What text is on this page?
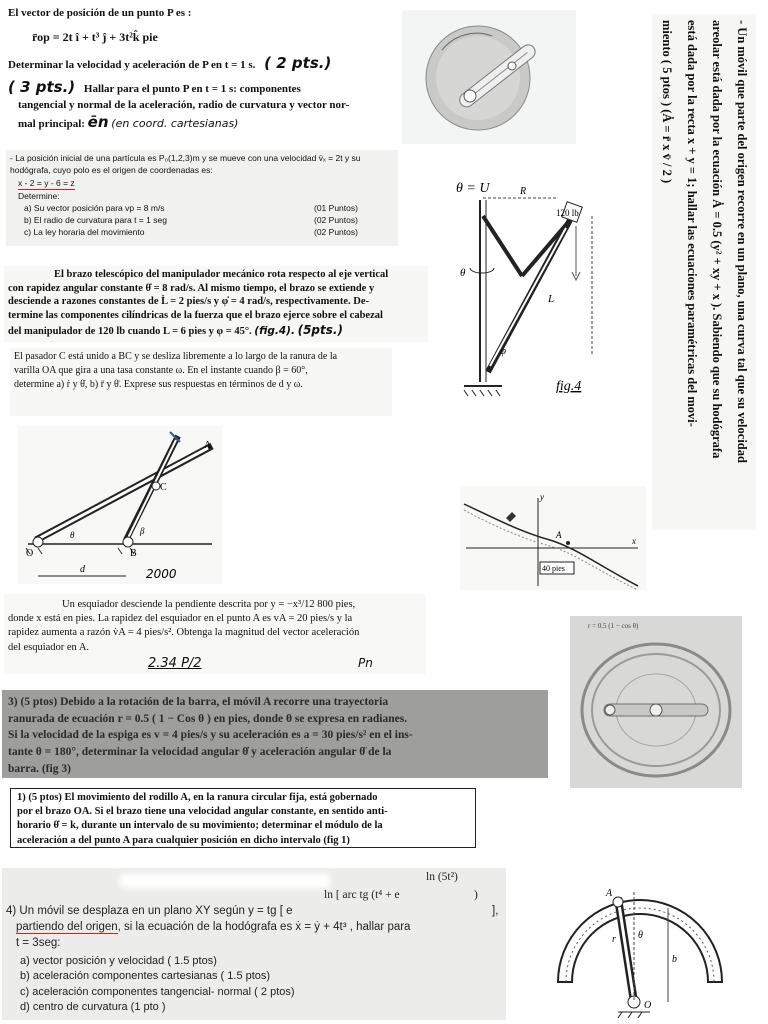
El vector de posición de un punto P es :
r̄op = 2t î + t³ ĵ + 3t²k̂ pie
Determinar la velocidad y aceleración de P en t = 1 s. ( 2 pts.)
( 3 pts.) Hallar para el punto P en t = 1 s: componentes
tangencial y normal de la aceleración, radio de curvatura y vector nor-
mal principal: ēn (en coord. cartesianas)	- Un móvil que parte del origen recorre en un plano, una curva tal que su velocidad
areolar está dada por la ecuación Ȧ = 0.5 (y² + xy + x ). Sabiendo que su hodógrafa
está dada por la recta x + y = 1; hallar las ecuaciones paramétricas del movi-
miento ( 5 ptos ) (Ȧ = r̄ x v̄ / 2 )
- La posición inicial de una partícula es P₀(1,2,3)m y se mueve con una velocidad v̄ₓ = 2t y su
hodógrafa, cuyo polo es el origen de coordenadas es:
x - 2 = y - 6 = z
Determine:
a) Su vector posición para vp = 8 m/s	(01 Puntos)
b) El radio de curvatura para t = 1 seg	(02 Puntos)
c) La ley horaria del movimiento	(02 Puntos)
θ = U	R
120 lb
φ
θ
L
fig.4
El brazo telescópico del manipulador mecánico rota respecto al eje vertical
con rapidez angular constante θ̇ = 8 rad/s. Al mismo tiempo, el brazo se extiende y
desciende a razones constantes de L̇ = 2 pies/s y φ̇ = 4 rad/s, respectivamente. De-
termine las componentes cilíndricas de la fuerza que el brazo ejerce sobre el cabezal
del manipulador de 120 lb cuando L = 6 pies y φ = 45°. (fig.4). (5pts.)
El pasador C está unido a BC y se desliza libremente a lo largo de la ranura de la
varilla OA que gira a una tasa constante ω. En el instante cuando β = 60°,
determine a) ṙ y θ̇, b) r̈ y θ̈. Exprese sus respuestas en términos de d y ω.
O	B
C
A
θ	β
d	2000
y
x
A
40 pies
Un esquiador desciende la pendiente descrita por y = −x³/12 800 pies,
donde x está en pies. La rapidez del esquiador en el punto A es vA = 20 pies/s y la
rapidez aumenta a razón v̇A = 4 pies/s². Obtenga la magnitud del vector aceleración
del esquiador en A.
2.34 P/2	Pn
r = 0.5 (1 − cos θ)
3) (5 ptos) Debido a la rotación de la barra, el móvil A recorre una trayectoria
ranurada de ecuación r = 0.5 ( 1 − Cos θ ) en pies, donde θ se expresa en radianes.
Si la velocidad de la espiga es v = 4 pies/s y su aceleración es a = 30 pies/s² en el ins-
tante θ = 180°, determinar la velocidad angular θ̇ y aceleración angular θ̈ de la
barra. (fig 3)
1) (5 ptos) El movimiento del rodillo A, en la ranura circular fija, está gobernado
por el brazo OA. Si el brazo tiene una velocidad angular constante, en sentido anti-
horario θ̇ = k, durante un intervalo de su movimiento; determinar el módulo de la
aceleración a del punto A para cualquier posición en dicho intervalo (fig 1)
ln (5t²)
ln [ arc tg (t⁴ + e	)
4) Un móvil se desplaza en un plano XY según y = tg [ e	],
partiendo del origen, si la ecuación de la hodógrafa es ẋ = ẏ + 4t³ , hallar para
t = 3seg:
a) vector posición y velocidad ( 1.5 ptos)
b) aceleración componentes cartesianas ( 1.5 ptos)
c) aceleración componentes tangencial- normal ( 2 ptos)
d) centro de curvatura (1 pto )
A
O
b
θ
r
